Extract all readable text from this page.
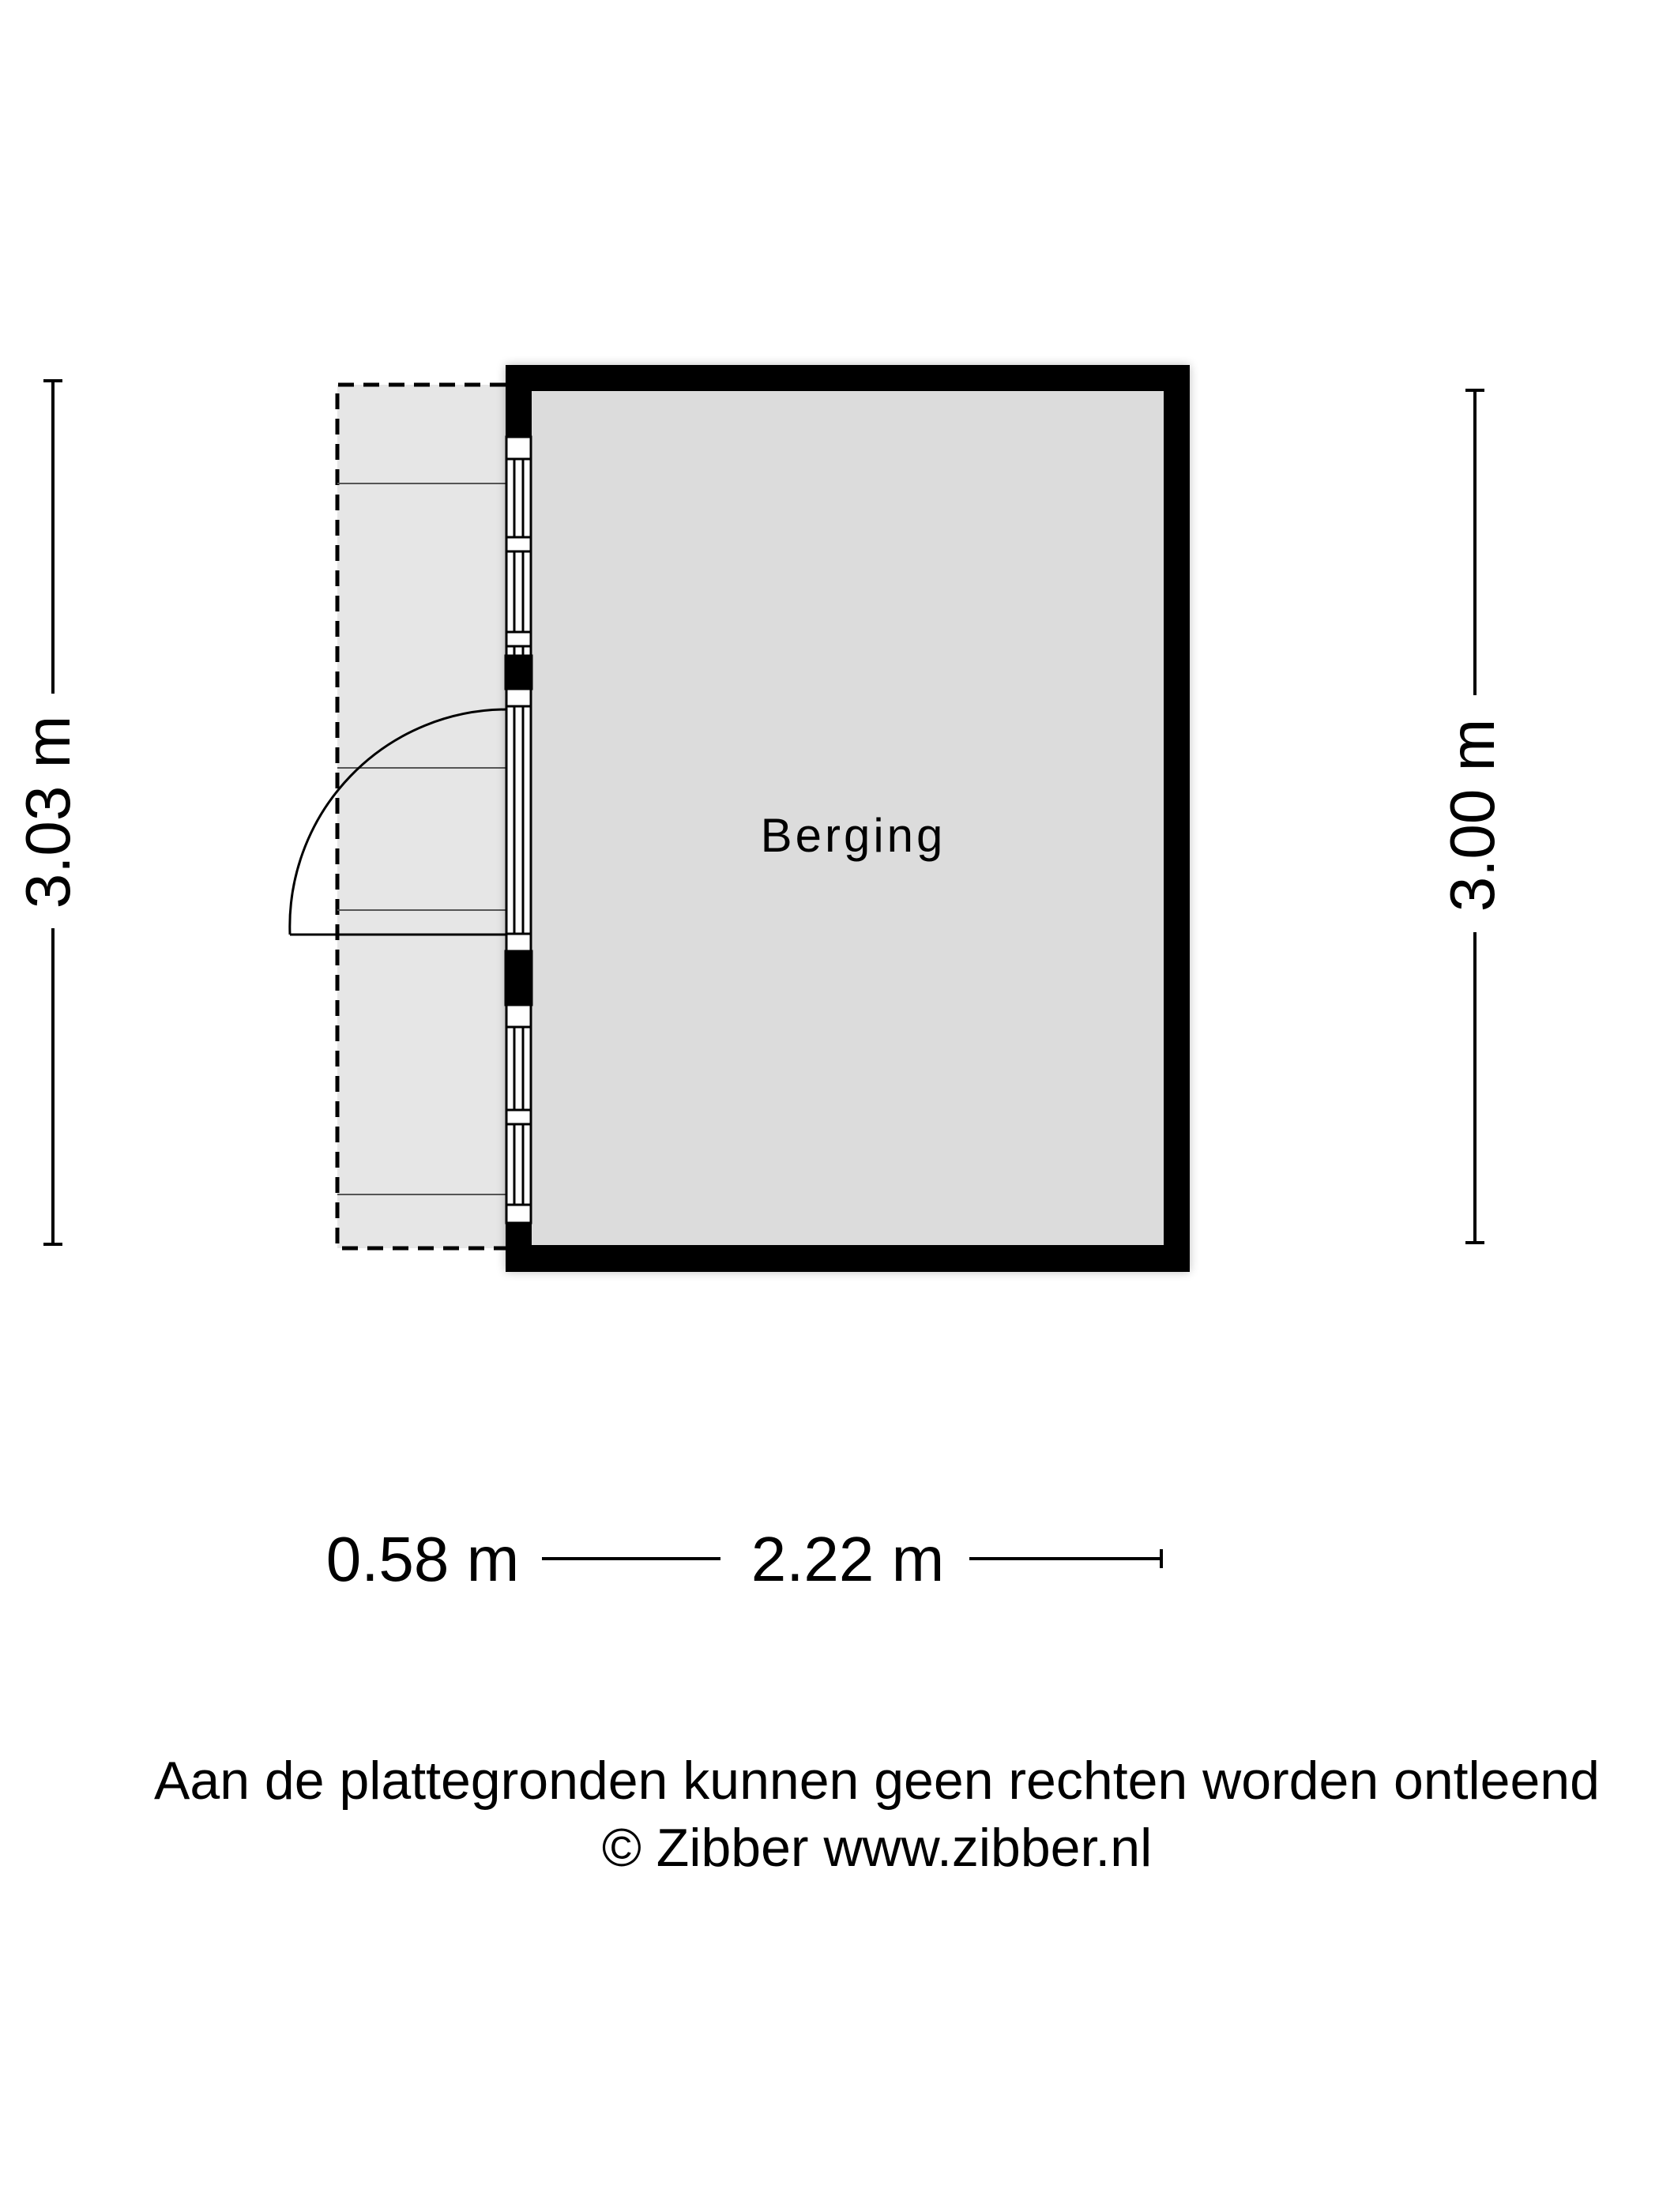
Berging
3.03 m	3.00 m
0.58 m	2.22 m
Aan de plattegronden kunnen geen rechten worden ontleend
© Zibber www.zibber.nl
